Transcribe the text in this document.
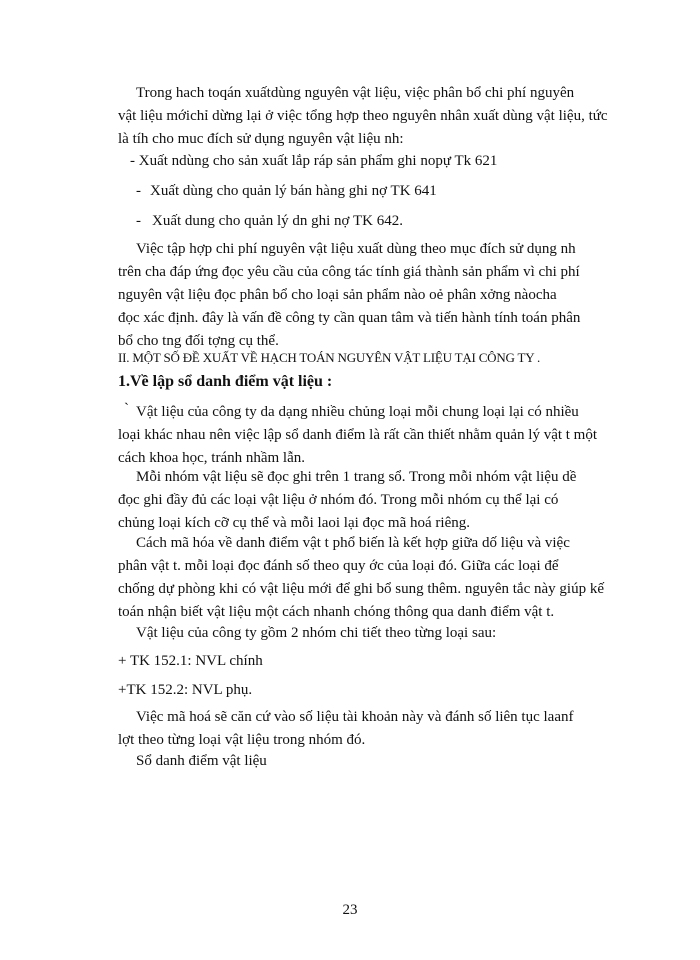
Trong hach toqán xuấtdùng nguyên vật liệu, việc phân bổ chi phí nguyên
vật liệu mớichỉ dừng lại ở việc tổng hợp theo nguyên nhân xuất dùng vật liệu, tức
là tíh cho muc đích sử dụng nguyên vật liệu nh:

- Xuất ndùng cho sản xuất lắp ráp sản phẩm ghi nopự Tk 621
- Xuất dùng cho quản lý bán hàng ghi nợ TK 641
- Xuất dung cho quản lý dn ghi nợ TK 642.

Việc tập hợp chi phí nguyên vật liệu xuất dùng theo mục đích sử dụng nh
trên cha đáp ứng đọc yêu cầu của công tác tính giá thành sản phẩm vì chi phí
nguyên vật liệu đọc phân bổ cho loại sản phẩm nào oẻ phân xởng nàocha
đọc xác định. đây là vấn đề công ty cần quan tâm và tiến hành tính toán phân
bổ cho tng đối tợng cụ thể.

II. MỘT SỐ ĐỀ XUẤT VỀ HẠCH TOÁN NGUYÊN VẬT LIỆU TẠI CÔNG TY .
1.Về lập sổ danh điểm vật liệu :
` Vật liệu của công ty da dạng nhiều chủng loại mỗi chung loại lại có nhiều
loại khác nhau nên việc lập sổ danh điểm là rất cần thiết nhằm quản lý vật t một
cách khoa học, tránh nhầm lẫn.

Mỗi nhóm vật liệu sẽ đọc ghi trên 1 trang sổ. Trong mỗi nhóm vật liệu dề
đọc ghi đầy đủ các loại vật liệu ở nhóm đó. Trong mỗi nhóm cụ thể lại có
chủng loại kích cỡ cụ thể và mỗi laoi lại đọc mã hoá riêng.

Cách mã hóa về danh điểm vật t phổ biến là kết hợp giữa dố liệu và việc
phân vật t. mỗi loại đọc đánh số theo quy ớc của loại đó. Giữa các loại để
chống dự phòng khi có vật liệu mới để ghi bổ sung thêm. nguyên tắc này giúp kế
toán nhận biết vật liệu một cách nhanh chóng thông qua danh điểm vật t.

Vật liệu của công ty gồm 2 nhóm chi tiết theo từng loại sau:

+ TK 152.1: NVL chính

+TK 152.2: NVL phụ.

Việc mã hoá sẽ căn cứ vào số liệu tài khoản này và đánh số liên tục laanf
lợt theo từng loại vật liệu trong nhóm đó.

Sổ danh điểm vật liệu

23
